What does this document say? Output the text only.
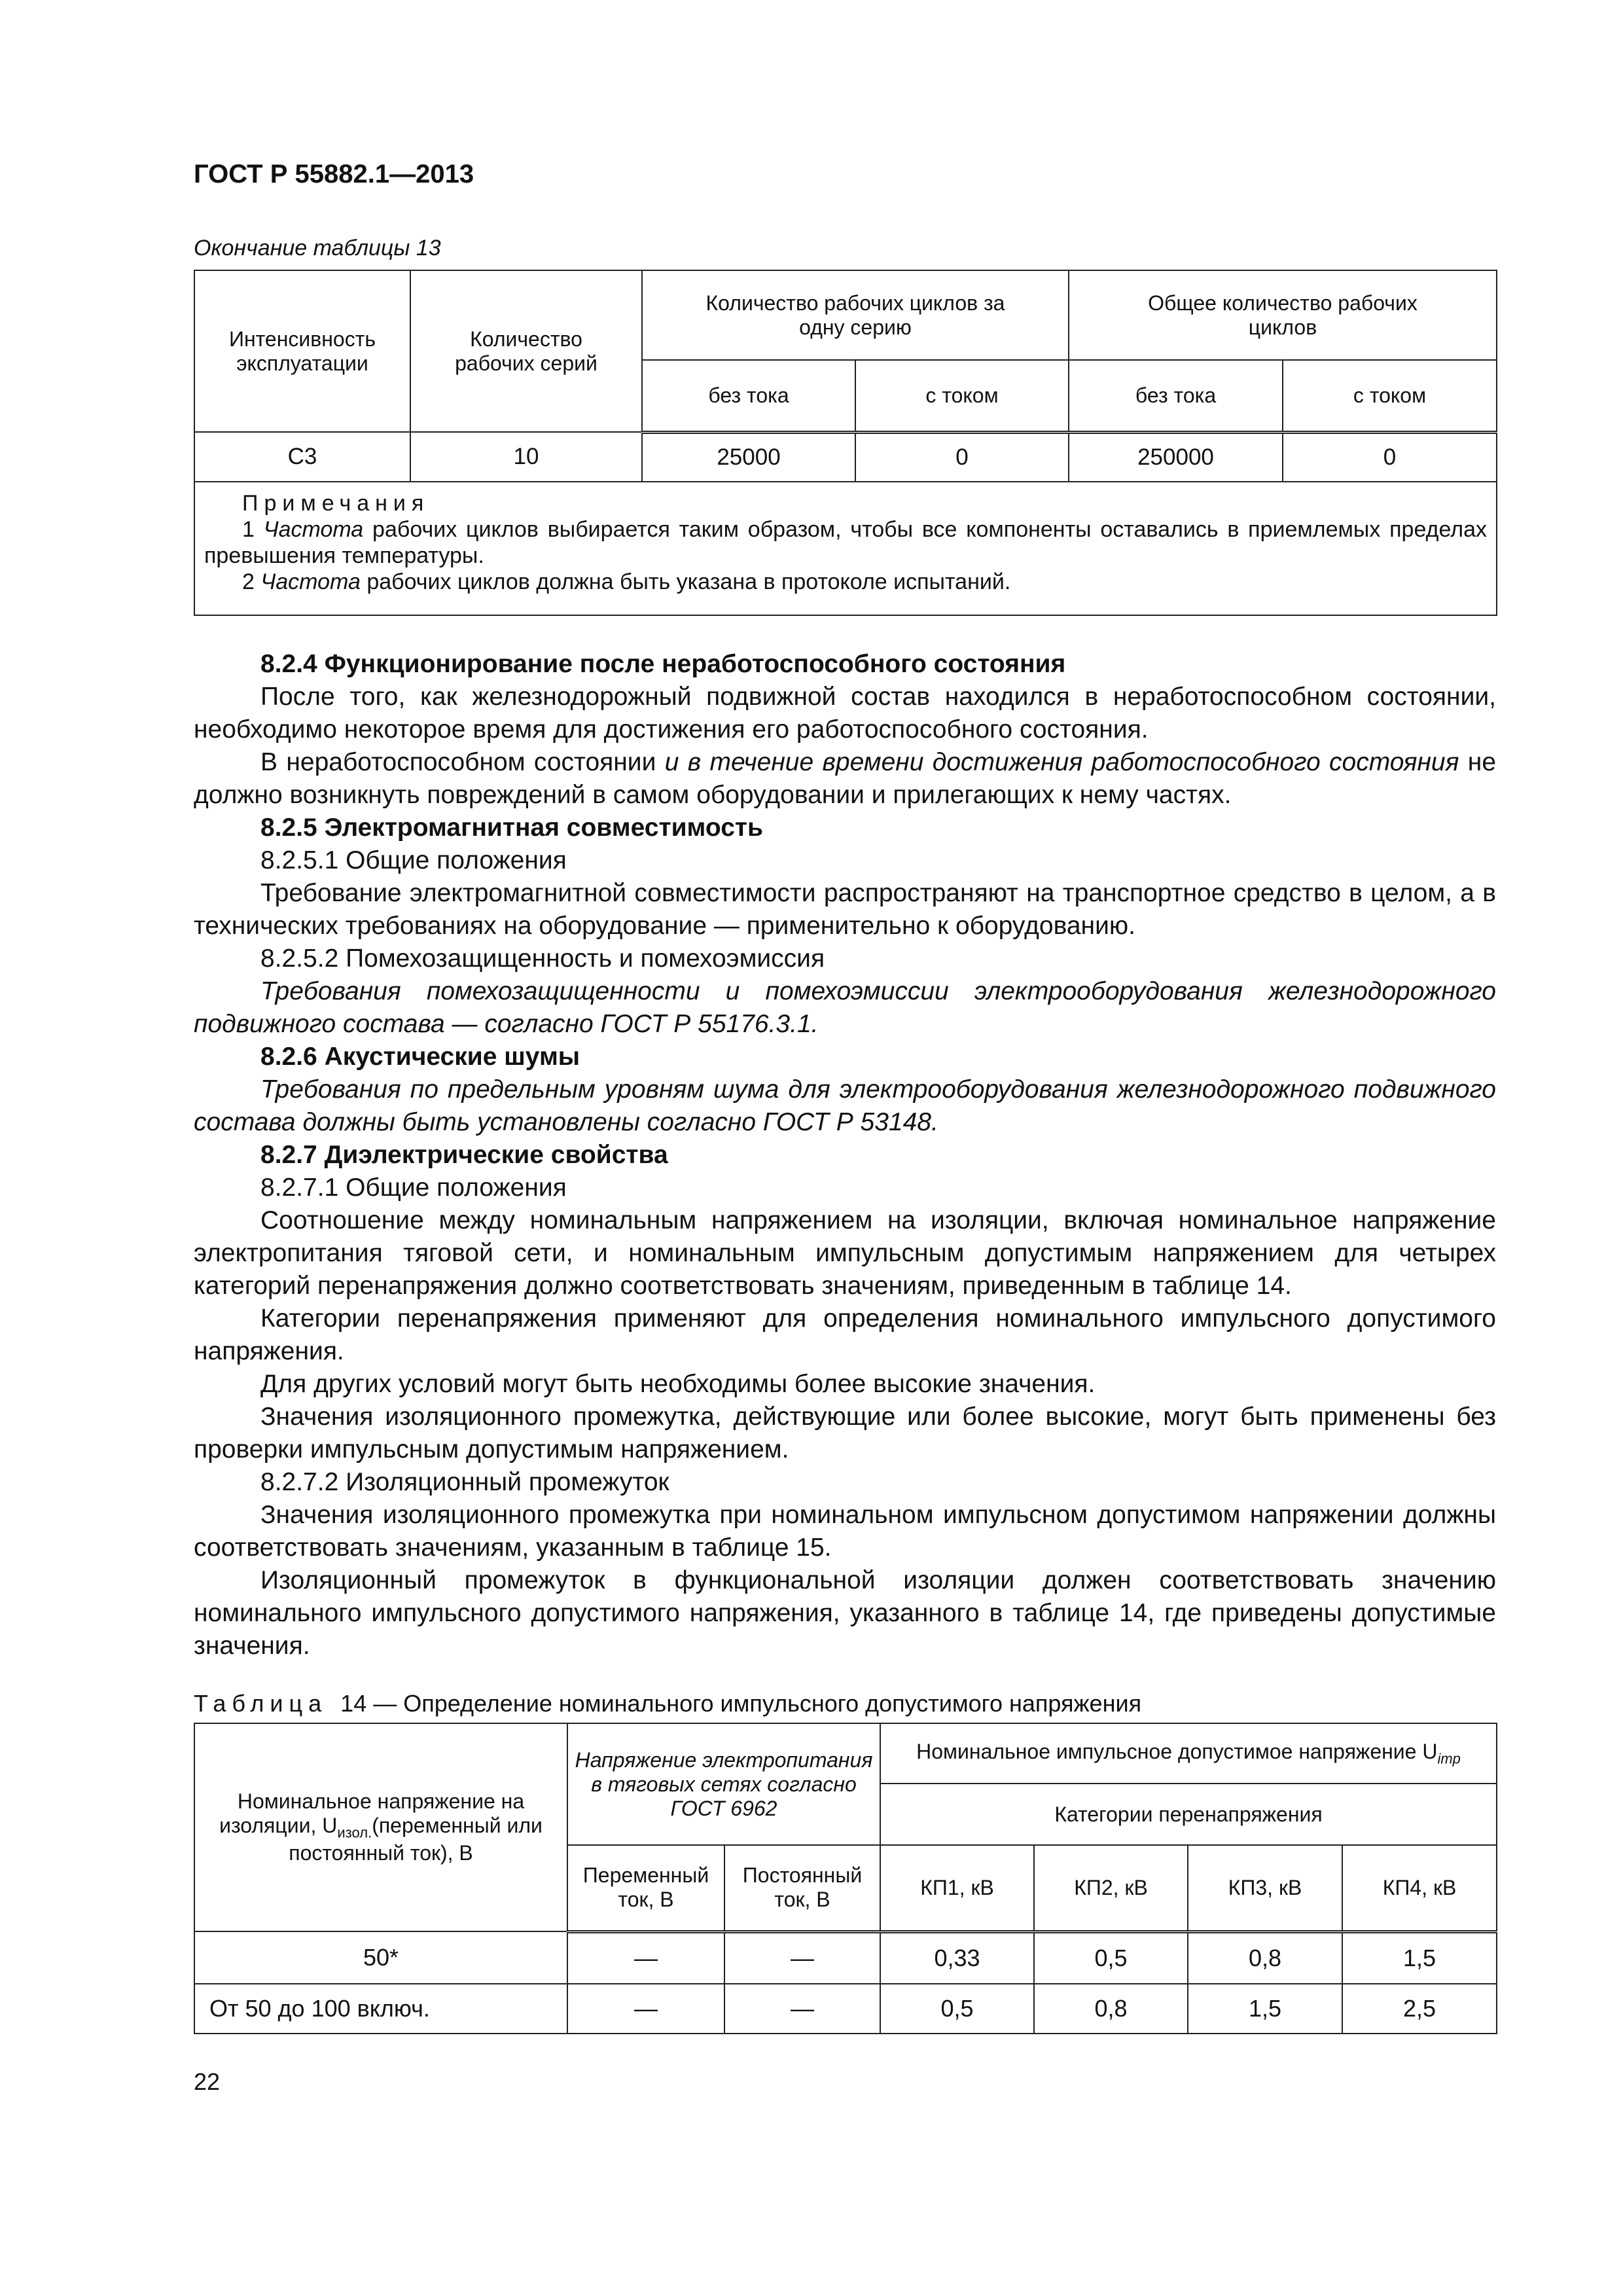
ГОСТ Р 55882.1—2013
Окончание таблицы 13
Интенсивность эксплуатации	Количество рабочих серий	Количество рабочих циклов за одну серию		Общее количество рабочих циклов	
		без тока	с током	без тока	с током
С3	10	25000	0	250000	0

Примечания

1 Частота рабочих циклов выбирается таким образом, чтобы все компоненты оставались в приемлемых пределах превышения температуры.

2 Частота рабочих циклов должна быть указана в протоколе испытаний.					

8.2.4 Функционирование после неработоспособного состояния

После того, как железнодорожный подвижной состав находился в неработоспособном состоянии, необходимо некоторое время для достижения его работоспособного состояния.

В неработоспособном состоянии и в течение времени достижения работоспособного состояния не должно возникнуть повреждений в самом оборудовании и прилегающих к нему частях.

8.2.5 Электромагнитная совместимость

8.2.5.1 Общие положения

Требование электромагнитной совместимости распространяют на транспортное средство в целом, а в технических требованиях на оборудование — применительно к оборудованию.

8.2.5.2 Помехозащищенность и помехоэмиссия

Требования помехозащищенности и помехоэмиссии электрооборудования железнодорожного подвижного состава — согласно ГОСТ Р 55176.3.1.

8.2.6 Акустические шумы

Требования по предельным уровням шума для электрооборудования железнодорожного подвижного состава должны быть установлены согласно ГОСТ Р 53148.

8.2.7 Диэлектрические свойства

8.2.7.1 Общие положения

Соотношение между номинальным напряжением на изоляции, включая номинальное напряжение электропитания тяговой сети, и номинальным импульсным допустимым напряжением для четырех категорий перенапряжения должно соответствовать значениям, приведенным в таблице 14.

Категории перенапряжения применяют для определения номинального импульсного допустимого напряжения.

Для других условий могут быть необходимы более высокие значения.

Значения изоляционного промежутка, действующие или более высокие, могут быть применены без проверки импульсным допустимым напряжением.

8.2.7.2 Изоляционный промежуток

Значения изоляционного промежутка при номинальном импульсном допустимом напряжении должны соответствовать значениям, указанным в таблице 15.

Изоляционный промежуток в функциональной изоляции должен соответствовать значению номинального импульсного допустимого напряжения, указанного в таблице 14, где приведены допустимые значения.

Таблица 14 — Определение номинального импульсного допустимого напряжения
Номинальное напряжение на изоляции, $U_{изол.}(переменный$ или постоянный ток), В	Напряжение электропитания в тяговых сетях согласно ГОСТ 6962		Номинальное импульсное допустимое напряжение $U_{imp}$
			Категории перенапряжения			
	Переменный ток, В	Постоянный ток, В	КП1, кВ	КП2, кВ	КП3, кВ	КП4, кВ
50*	—	—	0,33	0,5	0,8	1,5
От 50 до 100 включ.	—	—	0,5	0,8	1,5	2,5
22
